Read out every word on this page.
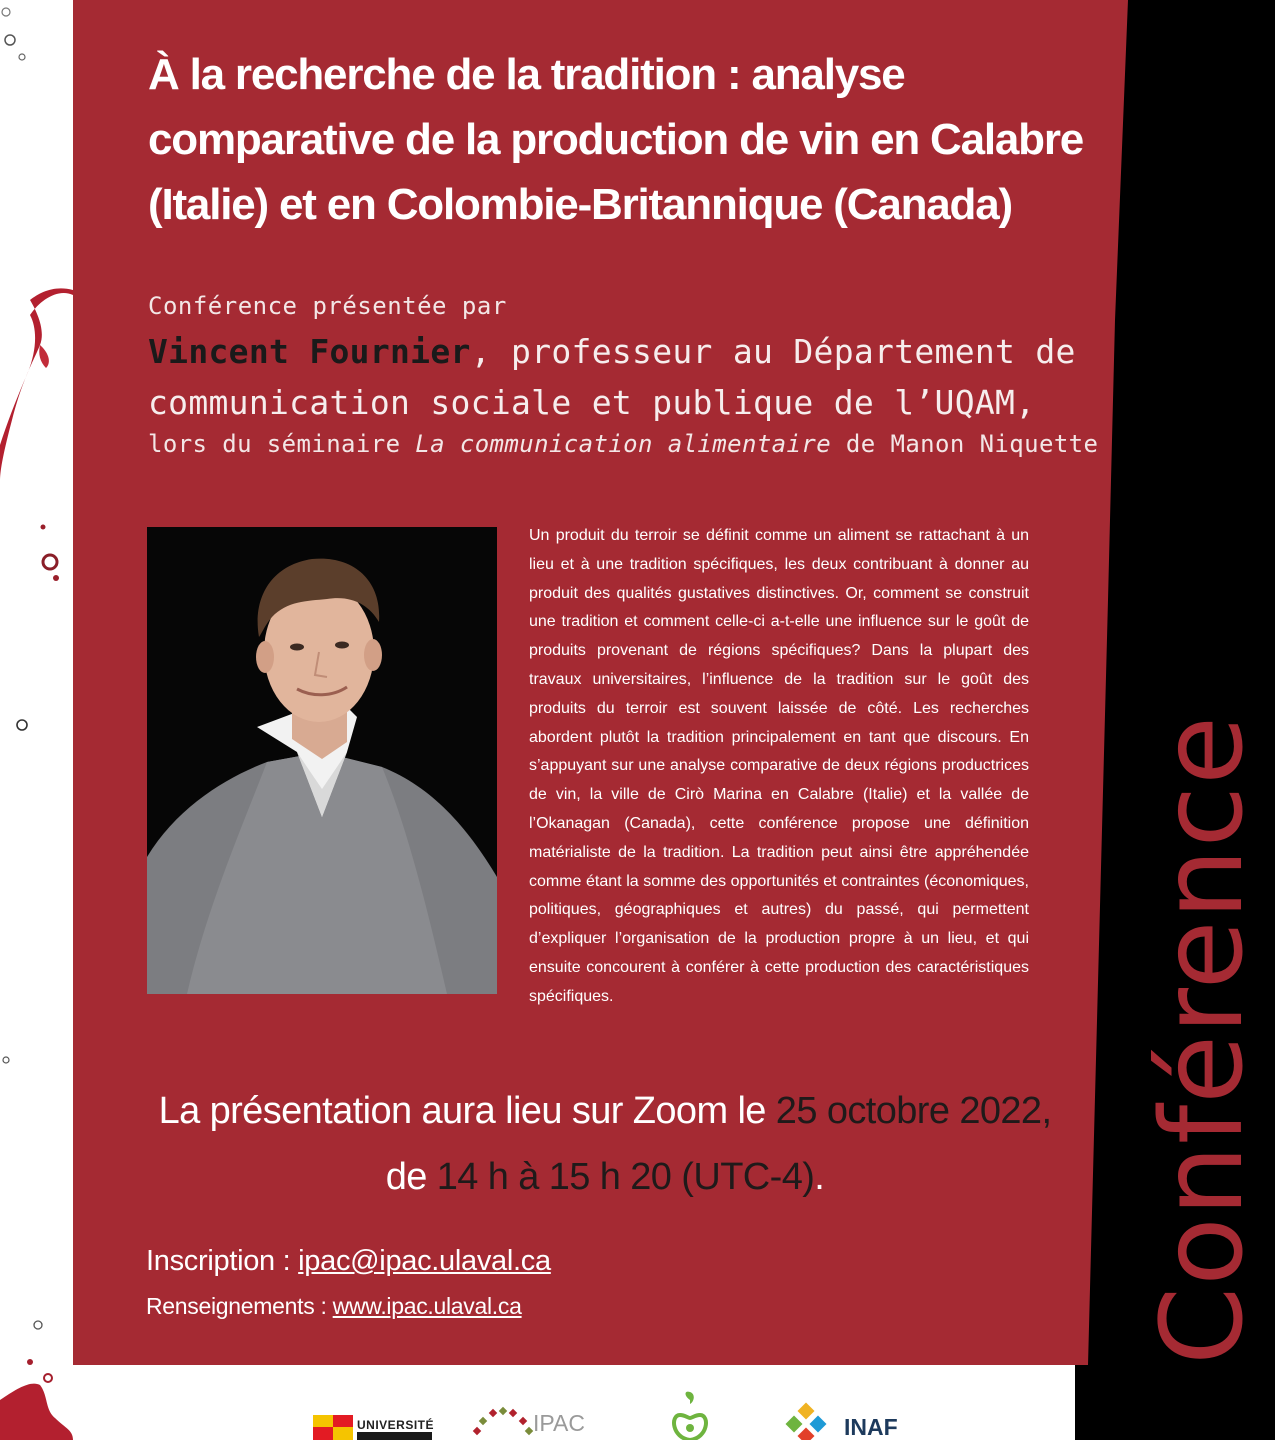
Conférence
À la recherche de la tradition : analyse comparative de la production de vin en Calabre (Italie) et en Colombie-Britannique (Canada)
Conférence présentée par
Vincent Fournier, professeur au Département de communication sociale et publique de l’UQAM,
lors du séminaire La communication alimentaire de Manon Niquette

Un produit du terroir se définit comme un aliment se rattachant à un lieu et à une tradition spécifiques, les deux contribuant à donner au produit des qualités gustatives distinctives. Or, comment se construit une tradition et comment celle-ci a-t-elle une influence sur le goût de produits provenant de régions spécifiques? Dans la plupart des travaux universitaires, l’influence de la tradition sur le goût des produits du terroir est souvent laissée de côté. Les recherches abordent plutôt la tradition principalement en tant que discours. En s’appuyant sur une analyse comparative de deux régions productrices de vin, la ville de Cirò Marina en Calabre (Italie) et la vallée de l’Okanagan (Canada), cette conférence propose une définition matérialiste de la tradition. La tradition peut ainsi être appréhendée comme étant la somme des opportunités et contraintes (économiques, politiques, géographiques et autres) du passé, qui permettent d’expliquer l’organisation de la production propre à un lieu, et qui ensuite concourent à conférer à cette production des caractéristiques spécifiques.

La présentation aura lieu sur Zoom le 25 octobre 2022,
de 14 h à 15 h 20 (UTC-4).
Inscription : ipac@ipac.ulaval.ca
Renseignements : www.ipac.ulaval.ca
UNIVERSITÉ	IPAC	INAF
